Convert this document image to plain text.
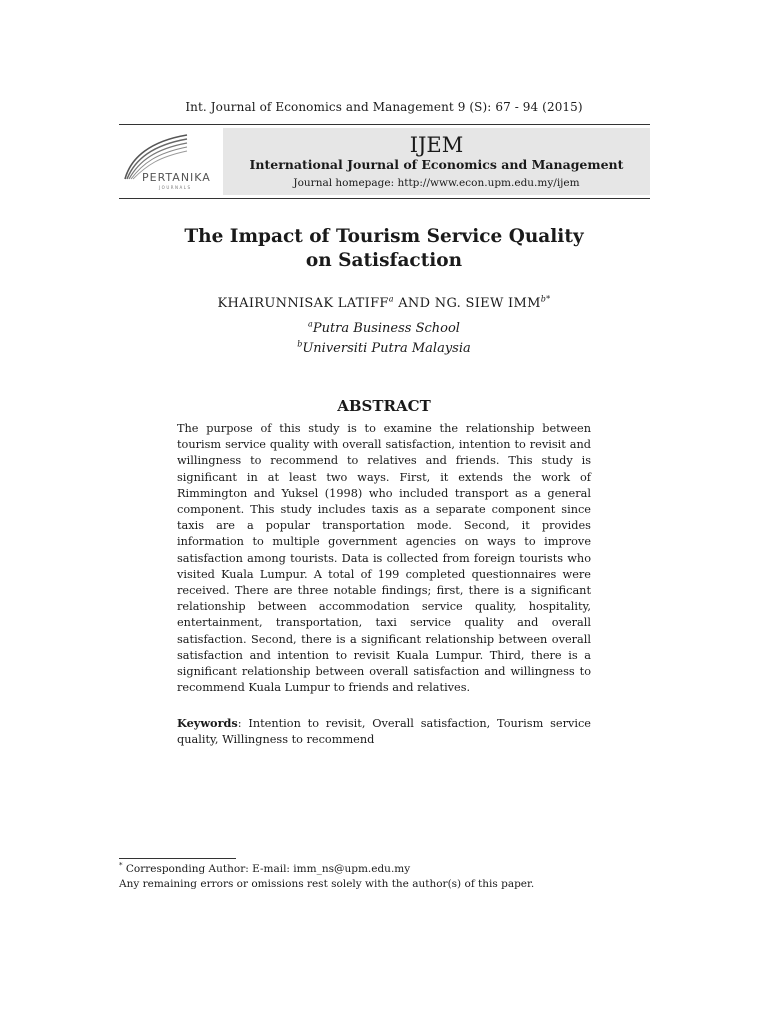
Int. Journal of Economics and Management 9 (S): 67 - 94 (2015)
PERTANIKA
JOURNALS
IJEM
International Journal of Economics and Management
Journal homepage: http://www.econ.upm.edu.my/ijem
The Impact of Tourism Service Quality
on Satisfaction
KHAIRUNNISAK LATIFF$^a$ AND NG. SIEW $IMM^{b*}$
$^a$Putra Business School
$^b$Universiti Putra Malaysia
ABSTRACT
The purpose of this study is to examine the relationship between tourism service quality with overall satisfaction, intention to revisit and willingness to recommend to relatives and friends. This study is significant in at least two ways. First, it extends the work of Rimmington and Yuksel (1998) who included transport as a general component. This study includes taxis as a separate component since taxis are a popular transportation mode. Second, it provides information to multiple government agencies on ways to improve satisfaction among tourists. Data is collected from foreign tourists who visited Kuala Lumpur. A total of 199 completed questionnaires were received. There are three notable findings; first, there is a significant relationship between accommodation service quality, hospitality, entertainment, transportation, taxi service quality and overall satisfaction. Second, there is a significant relationship between overall satisfaction and intention to revisit Kuala Lumpur. Third, there is a significant relationship between overall satisfaction and willingness to recommend Kuala Lumpur to friends and relatives.
Keywords: Intention to revisit, Overall satisfaction, Tourism service quality, Willingness to recommend
* Corresponding Author: E-mail: imm_ns@upm.edu.my
Any remaining errors or omissions rest solely with the author(s) of this paper.
